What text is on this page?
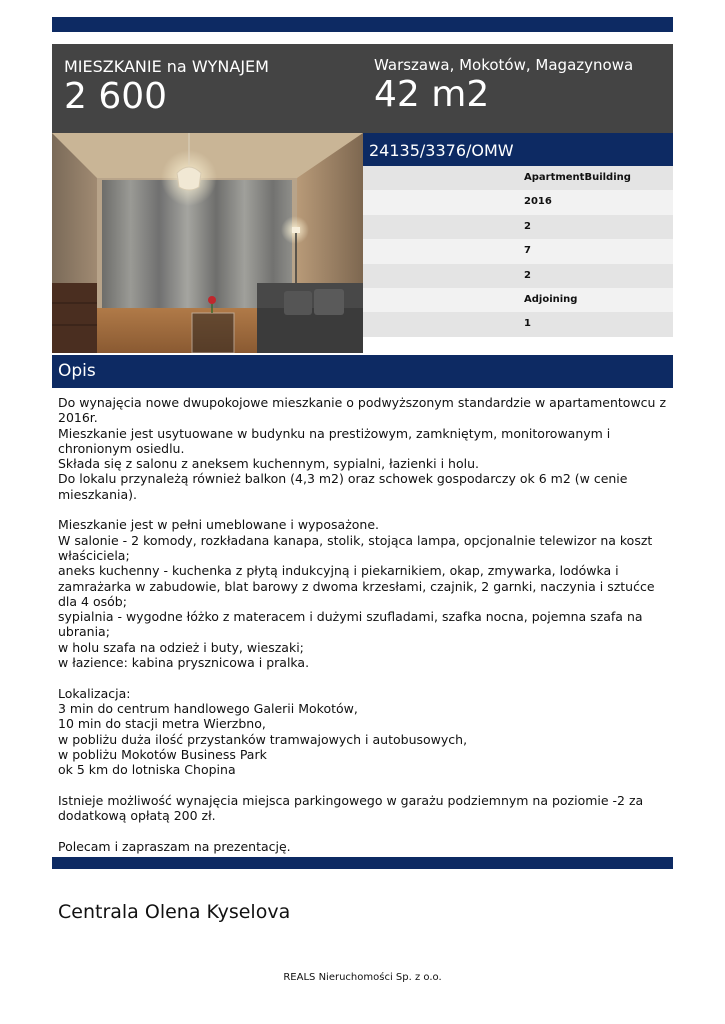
MIESZKANIE na WYNAJEM
2 600
Warszawa, Mokotów, Magazynowa
42 m2
24135/3376/OMW
ApartmentBuilding
2016
2
7
2
Adjoining
1
Opis

Do wynajęcia nowe dwupokojowe mieszkanie o podwyższonym standardzie w apartamentowcu z 2016r.

Mieszkanie jest usytuowane w budynku na prestiżowym, zamkniętym, monitorowanym i chronionym osiedlu.

Składa się z salonu z aneksem kuchennym, sypialni, łazienki i holu.

Do lokalu przynależą również balkon (4,3 m2) oraz schowek gospodarczy ok 6 m2 (w cenie mieszkania).

Mieszkanie jest w pełni umeblowane i wyposażone.

W salonie - 2 komody, rozkładana kanapa, stolik, stojąca lampa, opcjonalnie telewizor na koszt właściciela;

aneks kuchenny - kuchenka z płytą indukcyjną i piekarnikiem, okap, zmywarka, lodówka i zamrażarka w zabudowie, blat barowy z dwoma krzesłami, czajnik, 2 garnki, naczynia i sztućce dla 4 osób;

sypialnia - wygodne łóżko z materacem i dużymi szufladami, szafka nocna, pojemna szafa na ubrania;

w holu szafa na odzież i buty, wieszaki;

w łazience: kabina prysznicowa i pralka.

Lokalizacja:

3 min do centrum handlowego Galerii Mokotów,

10 min do stacji metra Wierzbno,

w pobliżu duża ilość przystanków tramwajowych i autobusowych,

w pobliżu Mokotów Business Park

ok 5 km do lotniska Chopina

Istnieje możliwość wynajęcia miejsca parkingowego w garażu podziemnym na poziomie -2 za dodatkową opłatą 200 zł.

Polecam i zapraszam na prezentację.

Centrala Olena Kyselova
REALS Nieruchomości Sp. z o.o.
